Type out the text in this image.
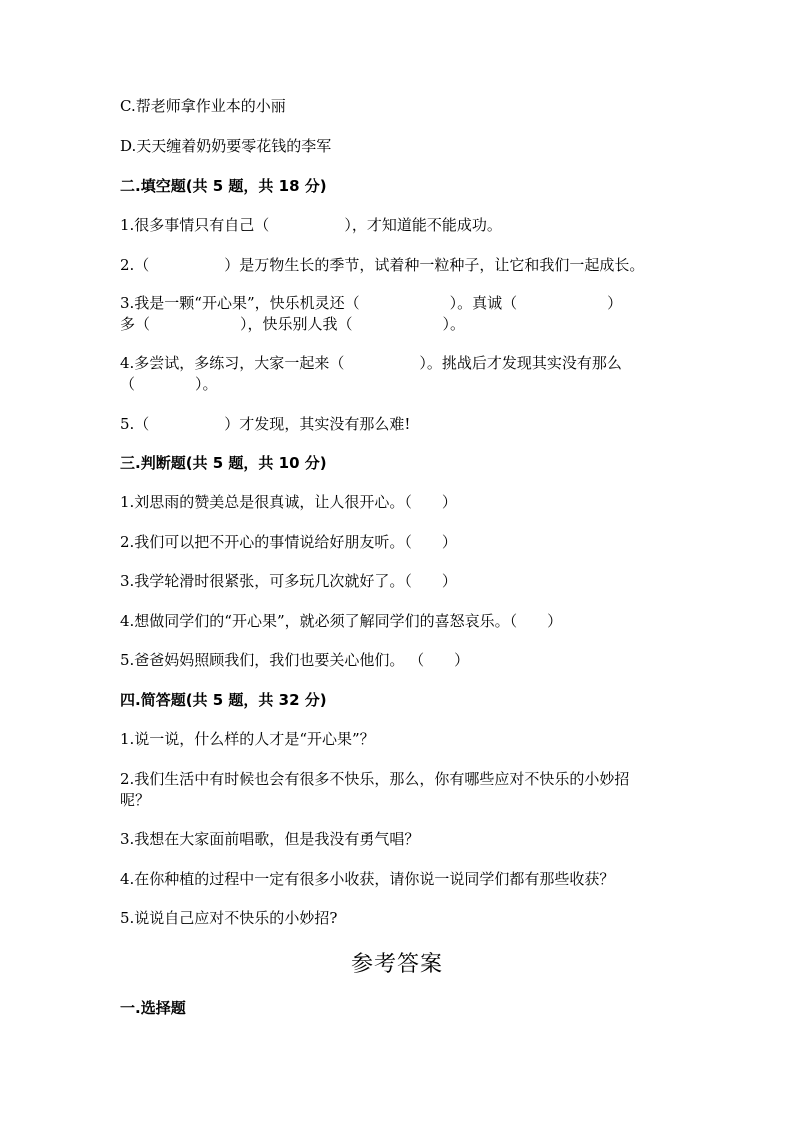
C.帮老师拿作业本的小丽
D.天天缠着奶奶要零花钱的李军
二.填空题(共 5 题，共 18 分)
1.很多事情只有自己（　　　　　），才知道能不能成功。
2.（　　　　　）是万物生长的季节，试着种一粒种子，让它和我们一起成长。
3.我是一颗“开心果”，快乐机灵还（　　　　　　）。真诚（　　　　　　）
多（　　　　　　），快乐别人我（　　　　　　）。
4.多尝试，多练习，大家一起来（　　　　　）。挑战后才发现其实没有那么
（　　　　）。
5.（　　　　　）才发现，其实没有那么难!
三.判断题(共 5 题，共 10 分)
1.刘思雨的赞美总是很真诚，让人很开心。（　　）
2.我们可以把不开心的事情说给好朋友听。（　　）
3.我学轮滑时很紧张，可多玩几次就好了。（　　）
4.想做同学们的“开心果”，就必须了解同学们的喜怒哀乐。（　　）
5.爸爸妈妈照顾我们，我们也要关心他们。 （　　）
四.简答题(共 5 题，共 32 分)
1.说一说，什么样的人才是“开心果”？
2.我们生活中有时候也会有很多不快乐，那么，你有哪些应对不快乐的小妙招
呢？
3.我想在大家面前唱歌，但是我没有勇气唱？
4.在你种植的过程中一定有很多小收获，请你说一说同学们都有那些收获？
5.说说自己应对不快乐的小妙招?
参考答案
一.选择题
